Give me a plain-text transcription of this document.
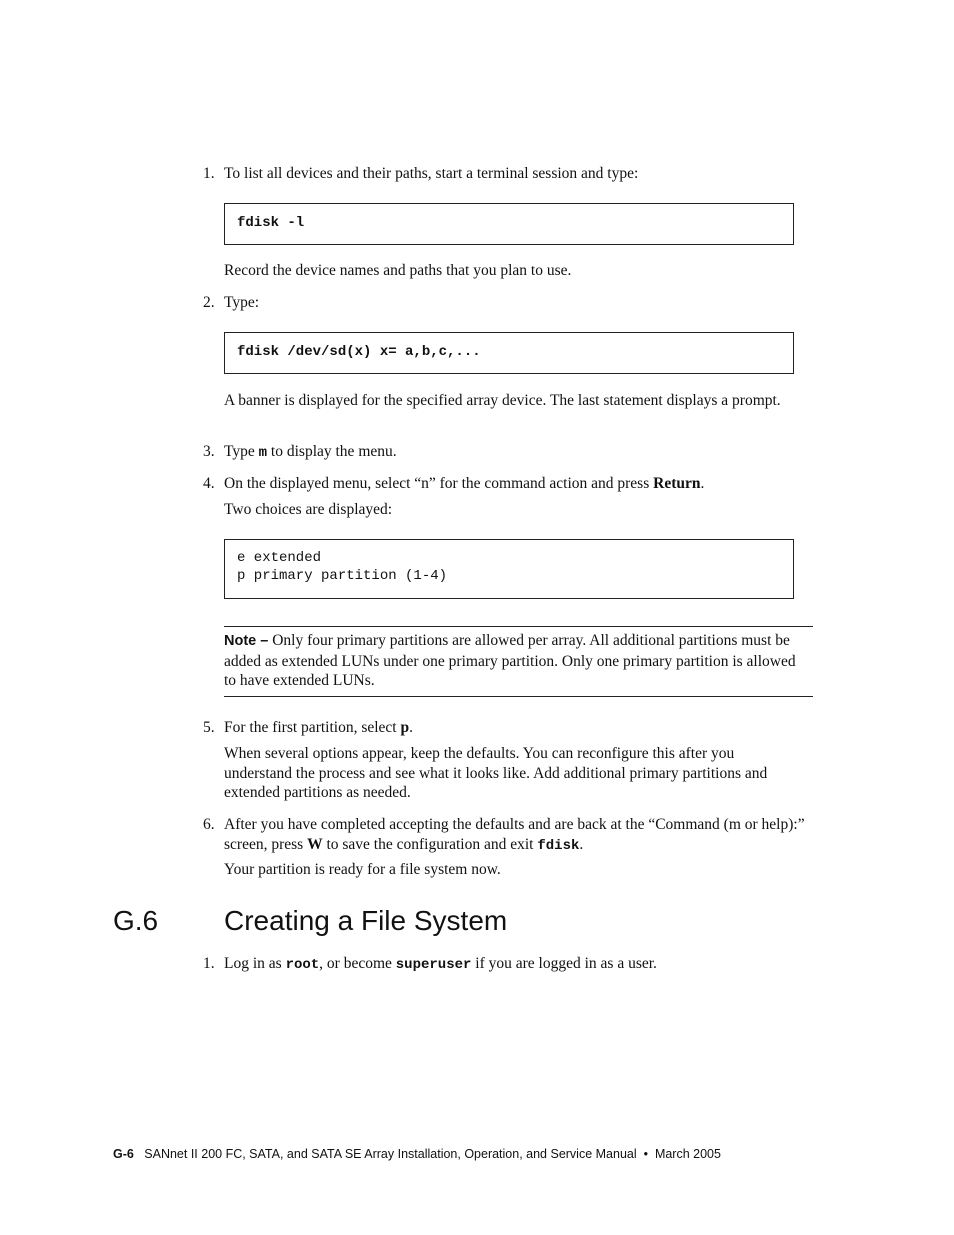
1. To list all devices and their paths, start a terminal session and type:
fdisk -l
Record the device names and paths that you plan to use.
2. Type:
fdisk /dev/sd(x) x= a,b,c,...
A banner is displayed for the specified array device. The last statement displays a prompt.
3. Type m to display the menu.
4. On the displayed menu, select “n” for the command action and press Return.
Two choices are displayed:
e extended
p primary partition (1-4)
Note – Only four primary partitions are allowed per array. All additional partitions must be added as extended LUNs under one primary partition. Only one primary partition is allowed to have extended LUNs.
5. For the first partition, select p.
When several options appear, keep the defaults. You can reconfigure this after you understand the process and see what it looks like. Add additional primary partitions and extended partitions as needed.
6. After you have completed accepting the defaults and are back at the “Command (m or help):” screen, press W to save the configuration and exit fdisk.
Your partition is ready for a file system now.
G.6 Creating a File System
1. Log in as root, or become superuser if you are logged in as a user.
G-6 SANnet II 200 FC, SATA, and SATA SE Array Installation, Operation, and Service Manual • March 2005
